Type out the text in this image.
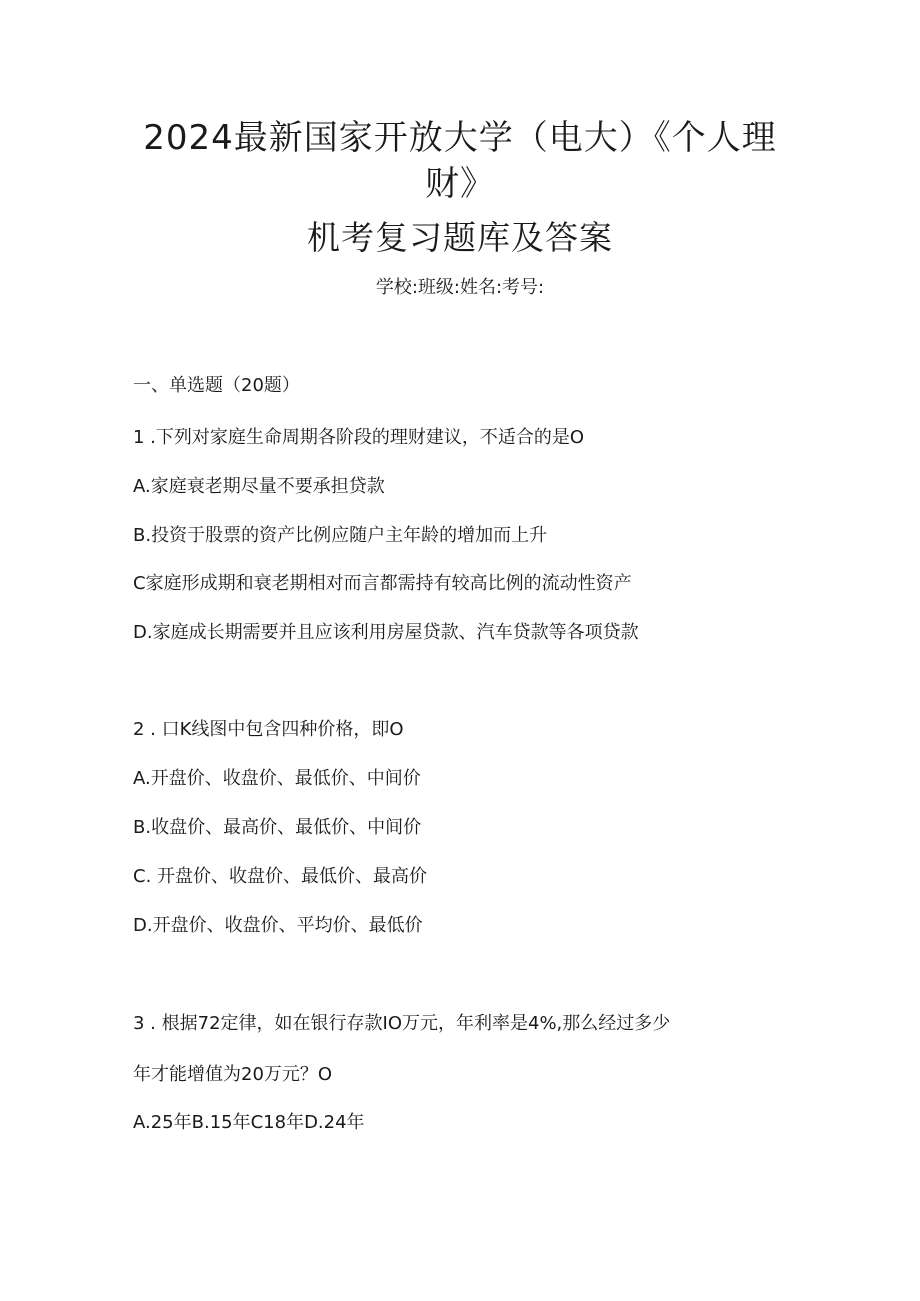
2024最新国家开放大学（电大）《个人理
财》
机考复习题库及答案
学校:班级:姓名:考号:
一、单选题（20题）
1 .下列对家庭生命周期各阶段的理财建议，不适合的是O
A.家庭衰老期尽量不要承担贷款
B.投资于股票的资产比例应随户主年龄的增加而上升
C家庭形成期和衰老期相对而言都需持有较高比例的流动性资产
D.家庭成长期需要并且应该利用房屋贷款、汽车贷款等各项贷款
2 . 口K线图中包含四种价格，即O
A.开盘价、收盘价、最低价、中间价
B.收盘价、最高价、最低价、中间价
C. 开盘价、收盘价、最低价、最高价
D.开盘价、收盘价、平均价、最低价
3 . 根据72定律，如在银行存款IO万元，年利率是4%,那么经过多少
年才能增值为20万元？O
A.25年B.15年C18年D.24年
